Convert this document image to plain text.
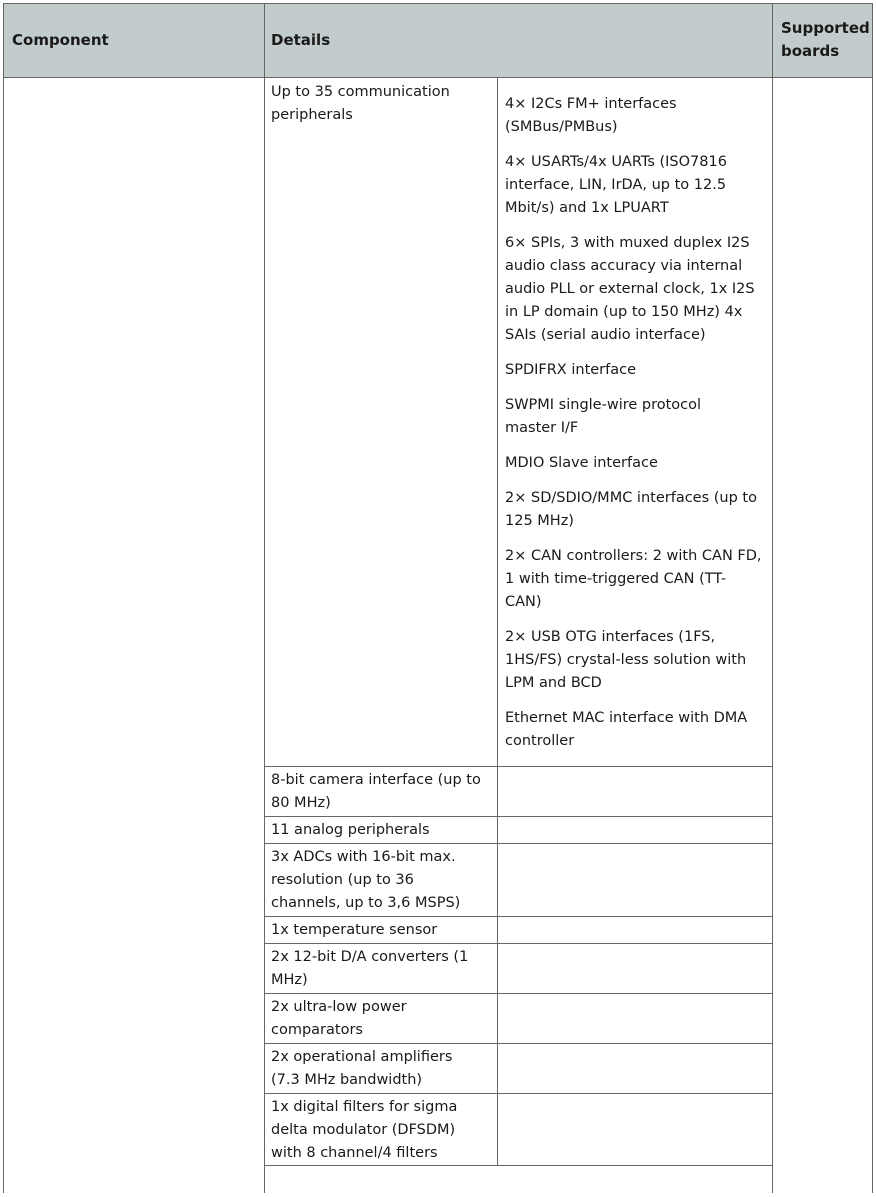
Component	Details
Supported
boards
Up to 35 communication
peripherals
4× I2Cs FM+ interfaces
(SMBus/PMBus)
4× USARTs/4x UARTs (ISO7816
interface, LIN, IrDA, up to 12.5
Mbit/s) and 1x LPUART
6× SPIs, 3 with muxed duplex I2S
audio class accuracy via internal
audio PLL or external clock, 1x I2S
in LP domain (up to 150 MHz) 4x
SAIs (serial audio interface)
SPDIFRX interface
SWPMI single-wire protocol
master I/F
MDIO Slave interface
2× SD/SDIO/MMC interfaces (up to
125 MHz)
2× CAN controllers: 2 with CAN FD,
1 with time-triggered CAN (TT-
CAN)
2× USB OTG interfaces (1FS,
1HS/FS) crystal-less solution with
LPM and BCD
Ethernet MAC interface with DMA
controller
8-bit camera interface (up to
80 MHz)
11 analog peripherals
3x ADCs with 16-bit max.
resolution (up to 36
channels, up to 3,6 MSPS)
1x temperature sensor
2x 12-bit D/A converters (1
MHz)
2x ultra-low power
comparators
2x operational amplifiers
(7.3 MHz bandwidth)
1x digital filters for sigma
delta modulator (DFSDM)
with 8 channel/4 filters
